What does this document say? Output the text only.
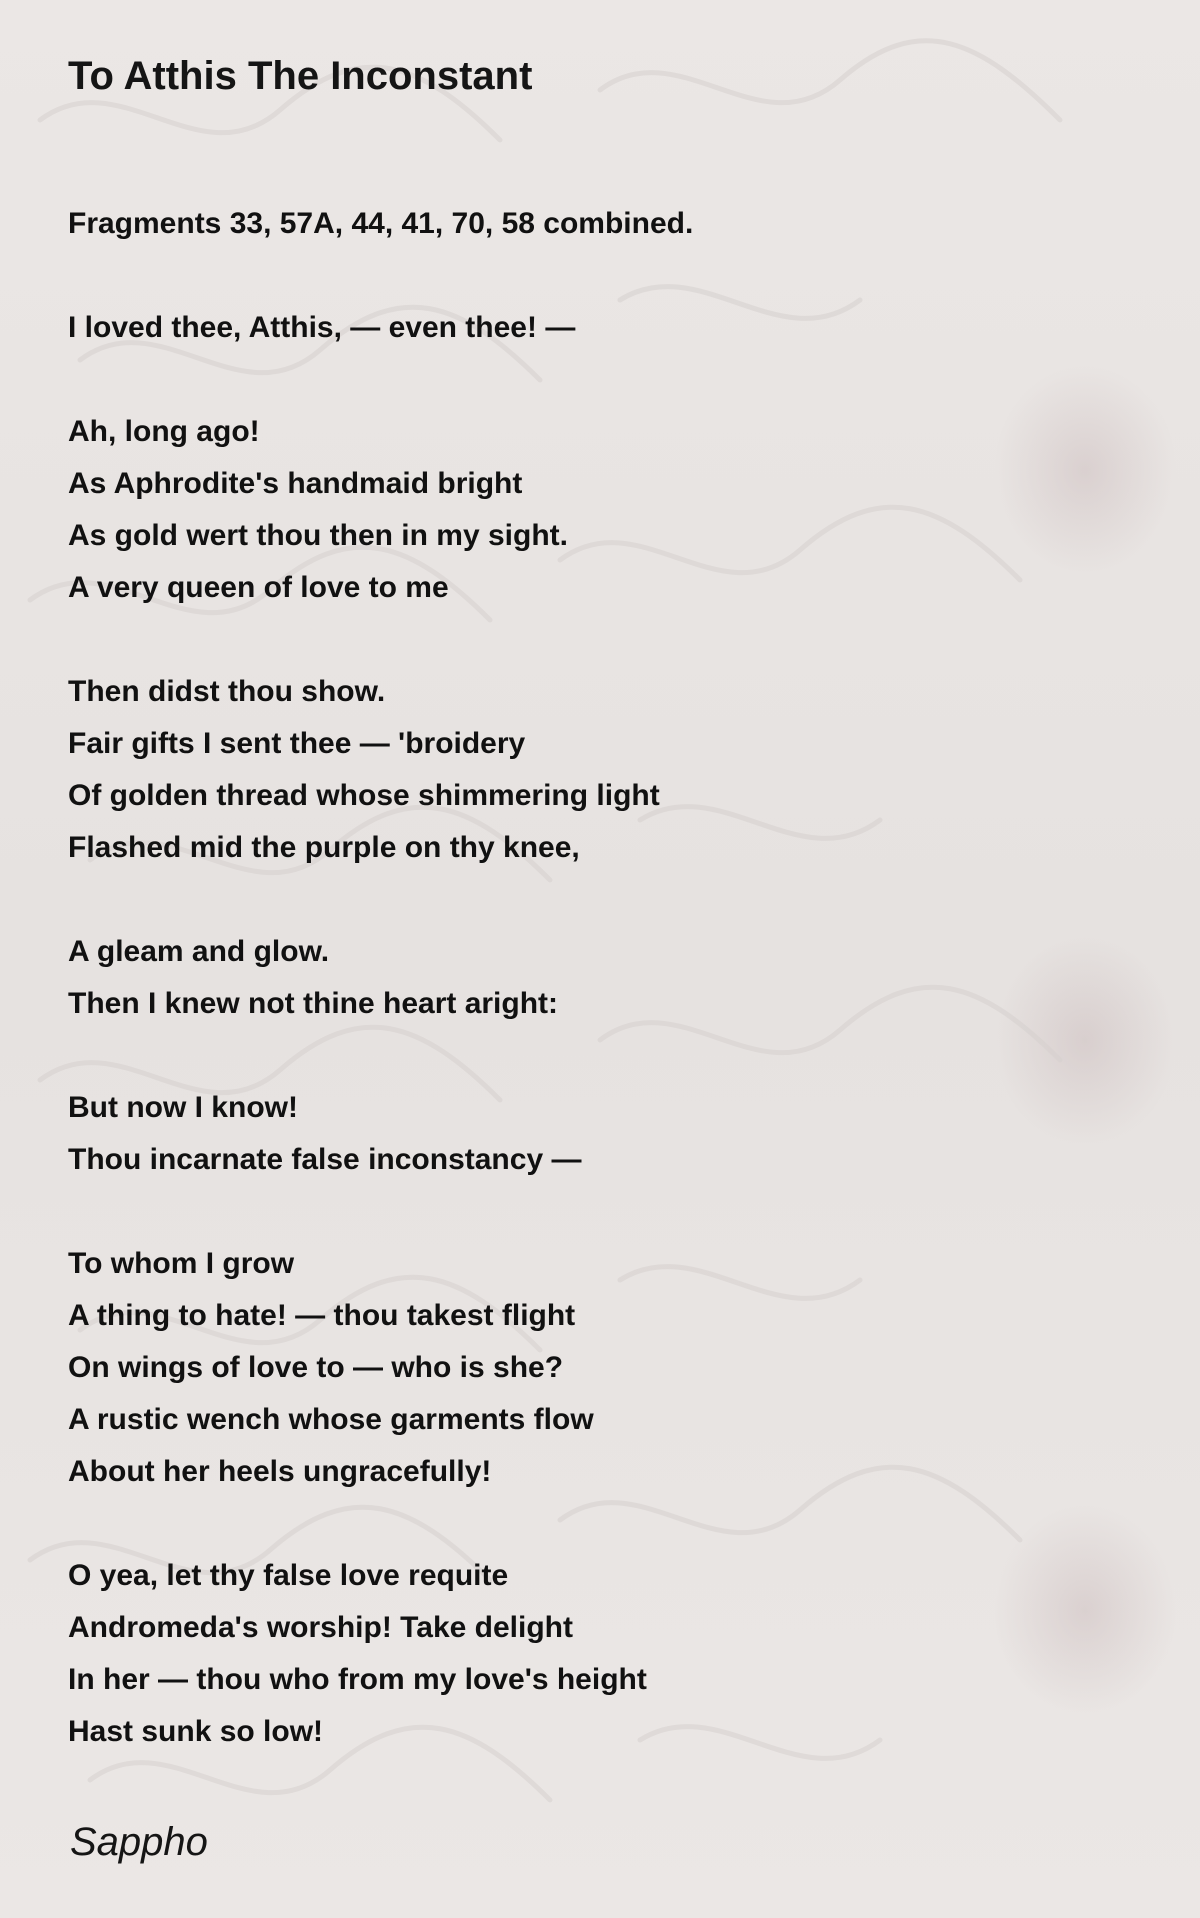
To Atthis The Inconstant
Fragments 33, 57A, 44, 41, 70, 58 combined.
I loved thee, Atthis, — even thee! —
Ah, long ago!
As Aphrodite's handmaid bright
As gold wert thou then in my sight.
A very queen of love to me
Then didst thou show.
Fair gifts I sent thee — 'broidery
Of golden thread whose shimmering light
Flashed mid the purple on thy knee,
A gleam and glow.
Then I knew not thine heart aright:
But now I know!
Thou incarnate false inconstancy —
To whom I grow
A thing to hate! — thou takest flight
On wings of love to — who is she?
A rustic wench whose garments flow
About her heels ungracefully!
O yea, let thy false love requite
Andromeda's worship! Take delight
In her — thou who from my love's height
Hast sunk so low!
Sappho
